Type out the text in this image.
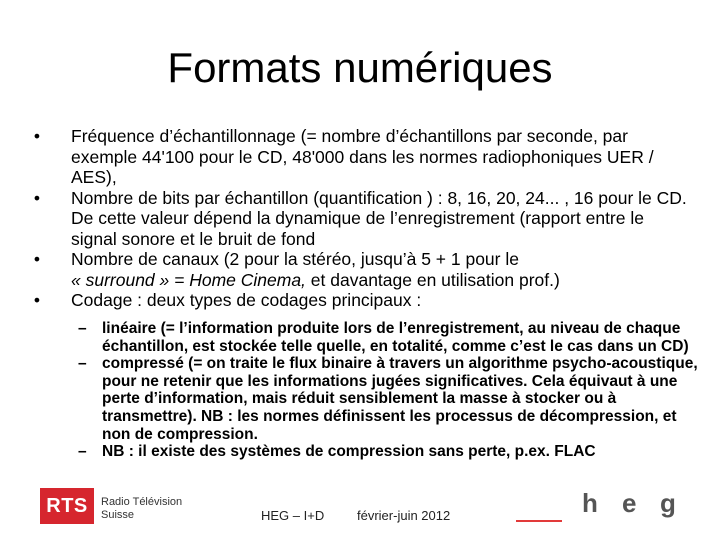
Formats numériques
• Fréquence d’échantillonnage (= nombre d’échantillons par seconde, par exemple 44'100 pour le CD, 48'000 dans les normes radiophoniques UER / AES),
• Nombre de bits par échantillon (quantification ) : 8, 16, 20, 24... , 16 pour le CD. De cette valeur dépend la dynamique de l’enregistrement (rapport entre le signal sonore et le bruit de fond
• Nombre de canaux (2 pour la stéréo, jusqu’à 5 + 1 pour le
« surround » = Home Cinema, et davantage en utilisation prof.)
• Codage : deux types de codages principaux :
– linéaire (= l’information produite lors de l’enregistrement, au niveau de chaque échantillon, est stockée telle quelle, en totalité, comme c’est le cas dans un CD)
– compressé (= on traite le flux binaire à travers un algorithme psycho-acoustique, pour ne retenir que les informations jugées significatives. Cela équivaut à une perte d’information, mais réduit sensiblement la masse à stocker ou à transmettre). NB : les normes définissent les processus de décompression, et non de compression.
– NB : il existe des systèmes de compression sans perte, p.ex. FLAC
RTS Radio Télévision
Suisse	HEG – I+D	février-juin 2012	h e g
